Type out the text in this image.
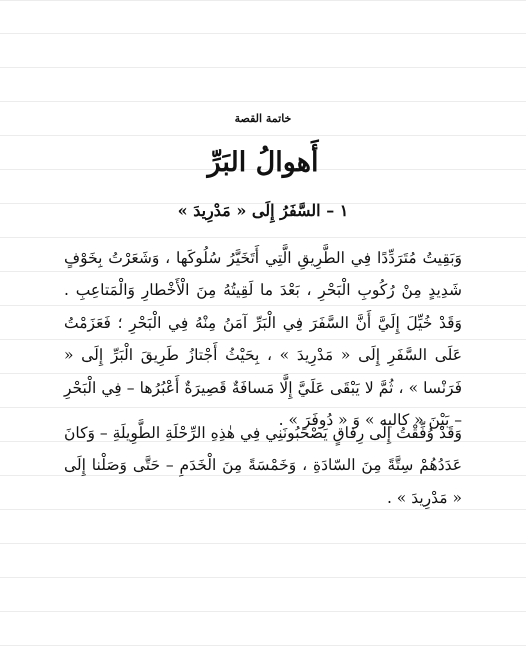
خاتمة القصة
أَهوالُ البَرِّ
١ – السَّفَرُ إِلَى « مَدْرِيدَ »

وَبَقِيتُ مُتَرَدِّدًا فِي الطَّرِيقِ الَّتِي أَتَخَيَّرُ سُلُوكَها ، وَشَعَرْتُ بِخَوْفٍ شَدِيدٍ مِنْ رُكُوبِ الْبَحْرِ ، بَعْدَ ما لَقِيتُهُ مِنَ الْأَخْطارِ وَالْمَتاعِبِ . وَقَدْ خُيِّلَ إِلَيَّ أَنَّ السَّفَرَ فِي الْبَرِّ آمَنُ مِنْهُ فِي الْبَحْرِ ؛ فَعَزَمْتُ عَلَى السَّفَرِ إِلَى « مَدْرِيدَ » ، بِحَيْثُ أَجْتازُ طَرِيقَ الْبَرِّ إِلَى « فَرَنْسا » ، ثُمَّ لا يَبْقَى عَلَيَّ إِلَّا مَسافَةٌ قَصِيرَةٌ أَعْبُرُها – فِي الْبَحْرِ – بَيْنَ « كاليه » وَ « دُوفَرَ » .

وَقَدْ وُفِّقْتُ إِلَى رِفاقٍ يَصْحَبُونَنِي فِي هٰذِهِ الرِّحْلَةِ الطَّوِيلَةِ – وَكانَ عَدَدُهُمْ سِتَّةً مِنَ السّادَةِ ، وَخَمْسَةً مِنَ الْخَدَمِ – حَتَّى وَصَلْنا إِلَى « مَدْرِيدَ » .
